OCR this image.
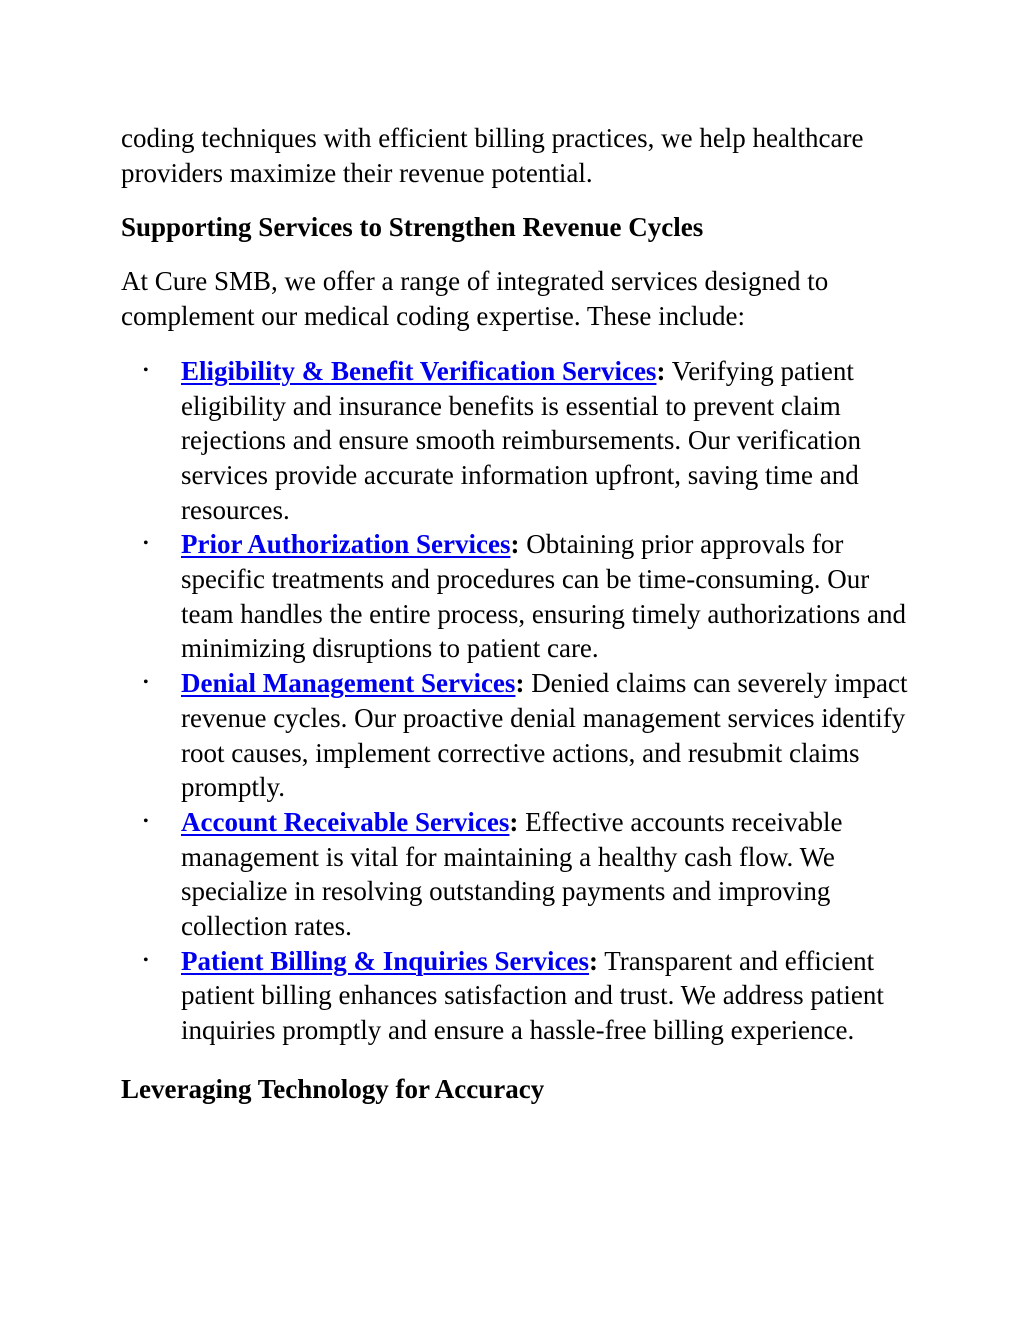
coding techniques with efficient billing practices, we help healthcare providers maximize their revenue potential.

Supporting Services to Strengthen Revenue Cycles

At Cure SMB, we offer a range of integrated services designed to complement our medical coding expertise. These include:

• Eligibility & Benefit Verification Services: Verifying patient eligibility and insurance benefits is essential to prevent claim rejections and ensure smooth reimbursements. Our verification services provide accurate information upfront, saving time and resources.
• Prior Authorization Services: Obtaining prior approvals for specific treatments and procedures can be time-consuming. Our team handles the entire process, ensuring timely authorizations and minimizing disruptions to patient care.
• Denial Management Services: Denied claims can severely impact revenue cycles. Our proactive denial management services identify root causes, implement corrective actions, and resubmit claims promptly.
• Account Receivable Services: Effective accounts receivable management is vital for maintaining a healthy cash flow. We specialize in resolving outstanding payments and improving collection rates.
• Patient Billing & Inquiries Services: Transparent and efficient patient billing enhances satisfaction and trust. We address patient inquiries promptly and ensure a hassle-free billing experience.
Leveraging Technology for Accuracy
